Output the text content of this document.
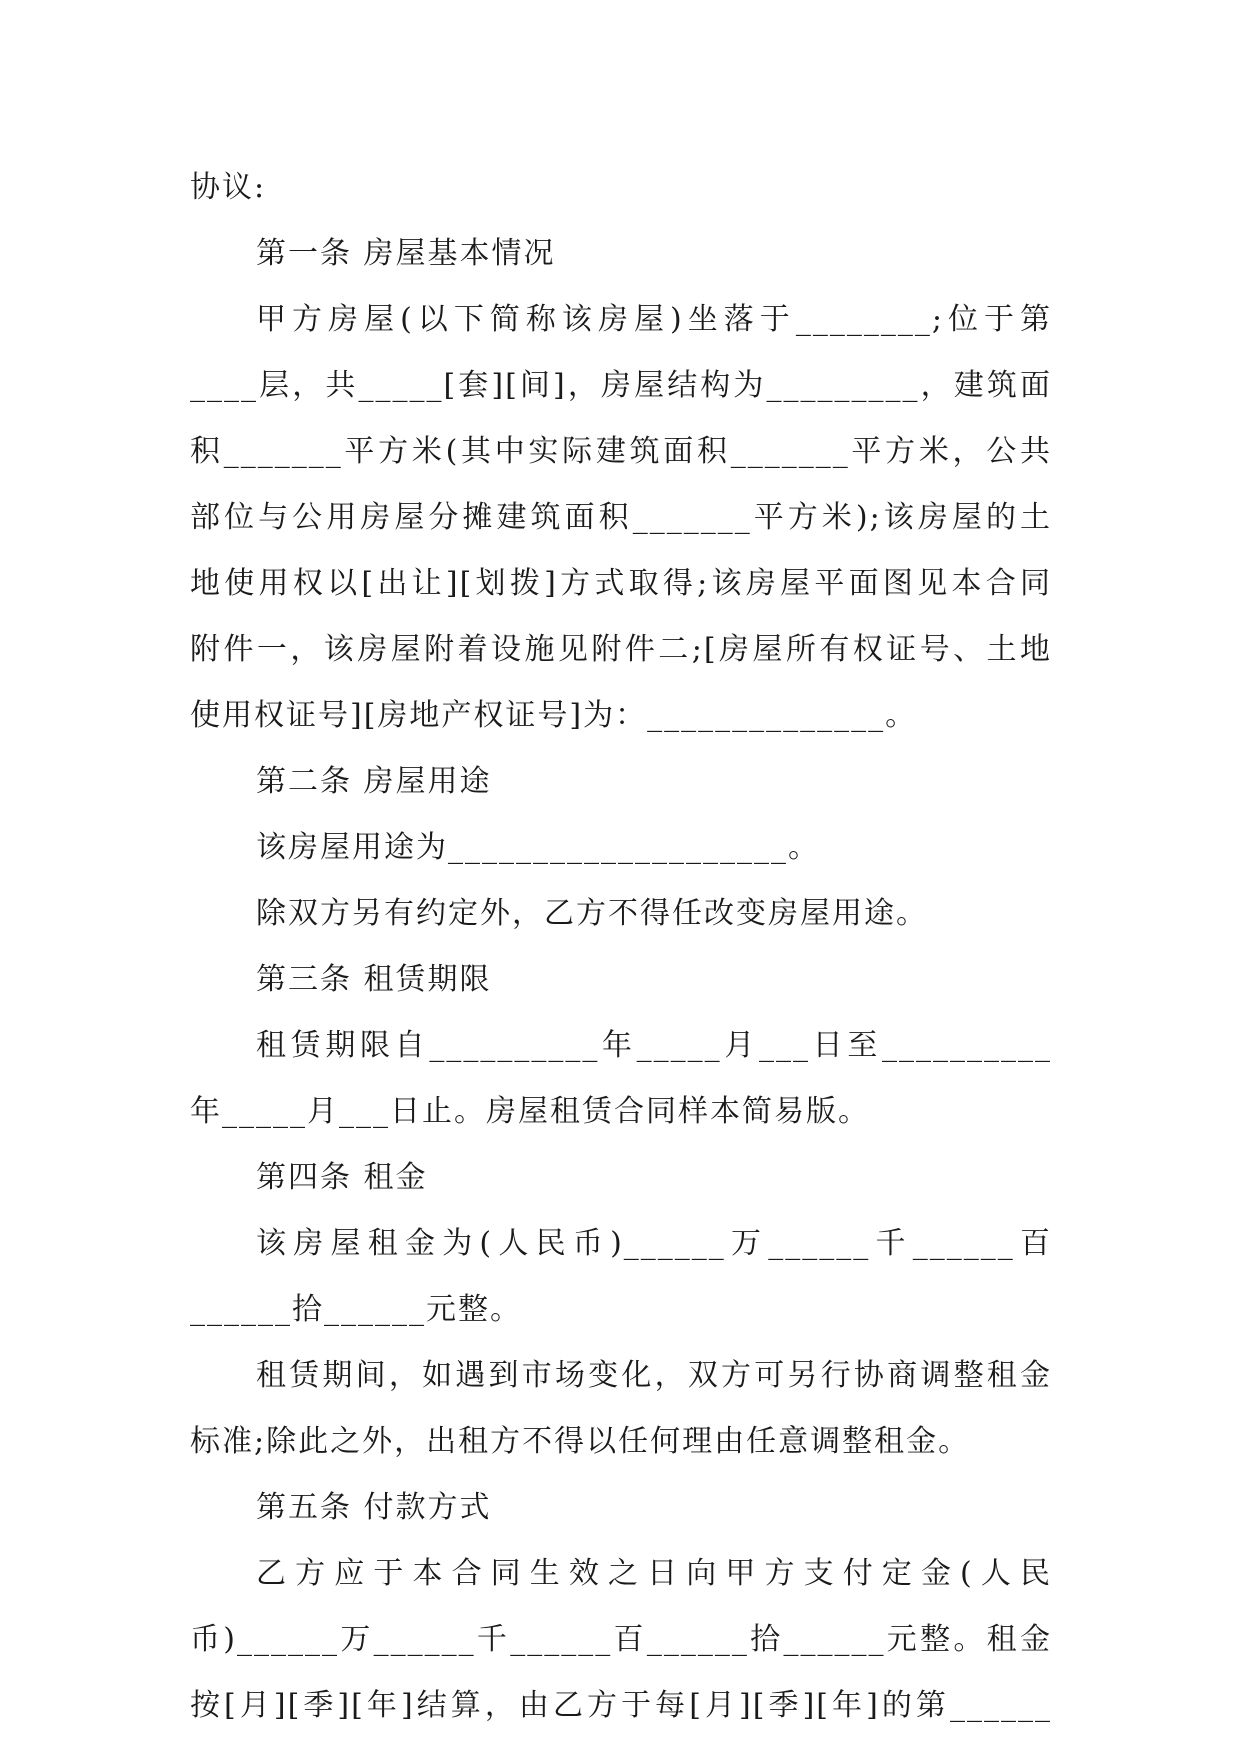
协议:
第一条 房屋基本情况
甲方房屋(以下简称该房屋)坐落于________;位于第
____层，共_____[套][间]，房屋结构为_________，建筑面
积_______平方米(其中实际建筑面积_______平方米，公共
部位与公用房屋分摊建筑面积_______平方米);该房屋的土
地使用权以[出让][划拨]方式取得;该房屋平面图见本合同
附件一，该房屋附着设施见附件二;[房屋所有权证号、土地
使用权证号][房地产权证号]为：______________。
第二条 房屋用途
该房屋用途为____________________。
除双方另有约定外，乙方不得任改变房屋用途。
第三条 租赁期限
租赁期限自__________年_____月___日至__________
年_____月___日止。房屋租赁合同样本简易版。
第四条 租金
该房屋租金为(人民币)______万______千______百
______拾______元整。
租赁期间，如遇到市场变化，双方可另行协商调整租金
标准;除此之外，出租方不得以任何理由任意调整租金。
第五条 付款方式
乙方应于本合同生效之日向甲方支付定金(人民
币)______万______千______百______拾______元整。租金
按[月][季][年]结算，由乙方于每[月][季][年]的第______
